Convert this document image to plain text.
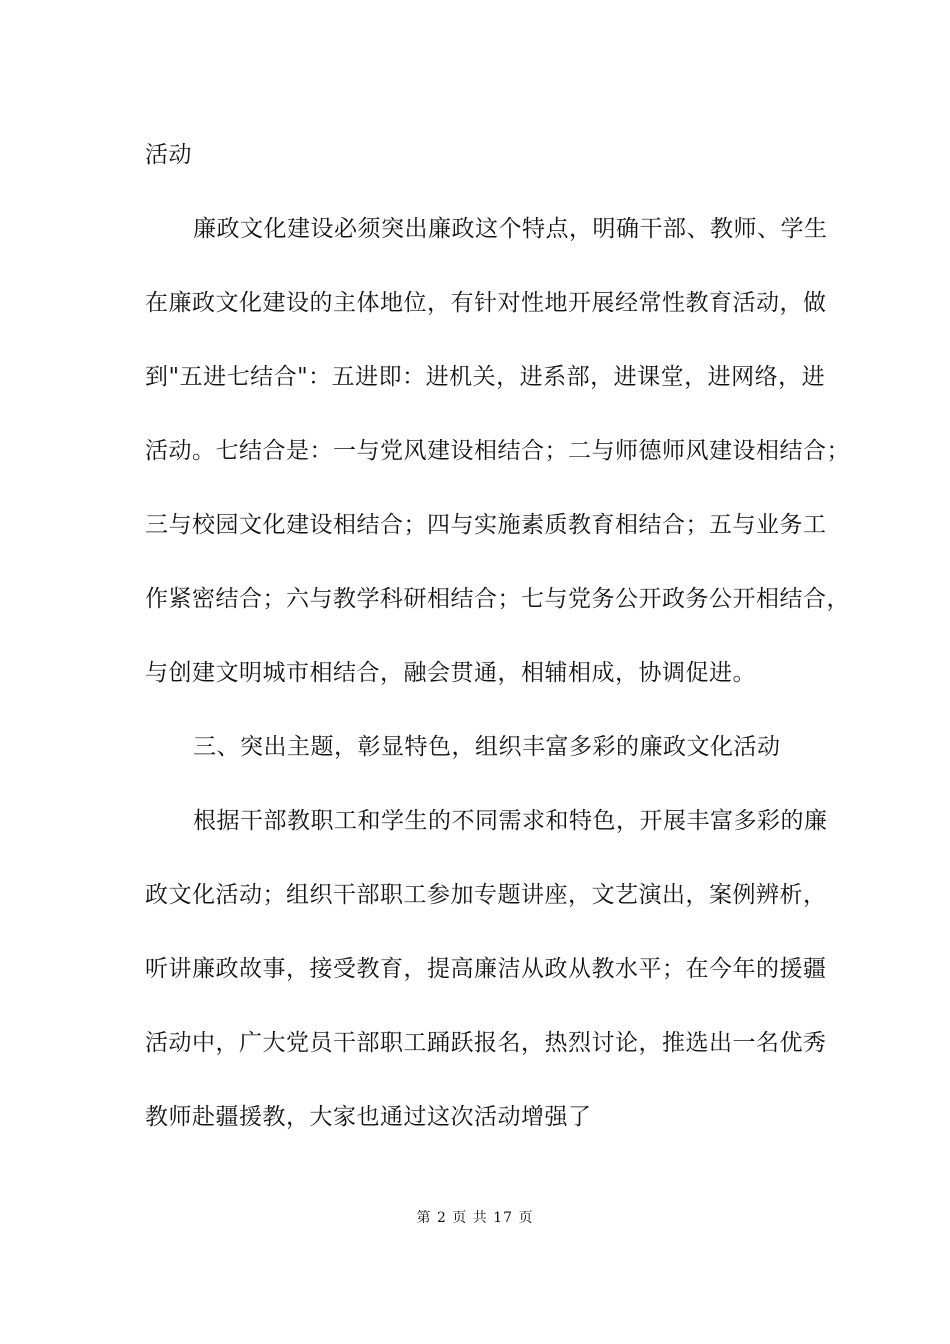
活动
廉政文化建设必须突出廉政这个特点，明确干部、教师、学生
在廉政文化建设的主体地位，有针对性地开展经常性教育活动，做
到"五进七结合"：五进即：进机关，进系部，进课堂，进网络，进
活动。七结合是：一与党风建设相结合；二与师德师风建设相结合；
三与校园文化建设相结合；四与实施素质教育相结合；五与业务工
作紧密结合；六与教学科研相结合；七与党务公开政务公开相结合，
与创建文明城市相结合，融会贯通，相辅相成，协调促进。
三、突出主题，彰显特色，组织丰富多彩的廉政文化活动
根据干部教职工和学生的不同需求和特色，开展丰富多彩的廉
政文化活动；组织干部职工参加专题讲座，文艺演出，案例辨析，
听讲廉政故事，接受教育，提高廉洁从政从教水平；在今年的援疆
活动中，广大党员干部职工踊跃报名，热烈讨论，推选出一名优秀
教师赴疆援教，大家也通过这次活动增强了
第 2 页 共 17 页
